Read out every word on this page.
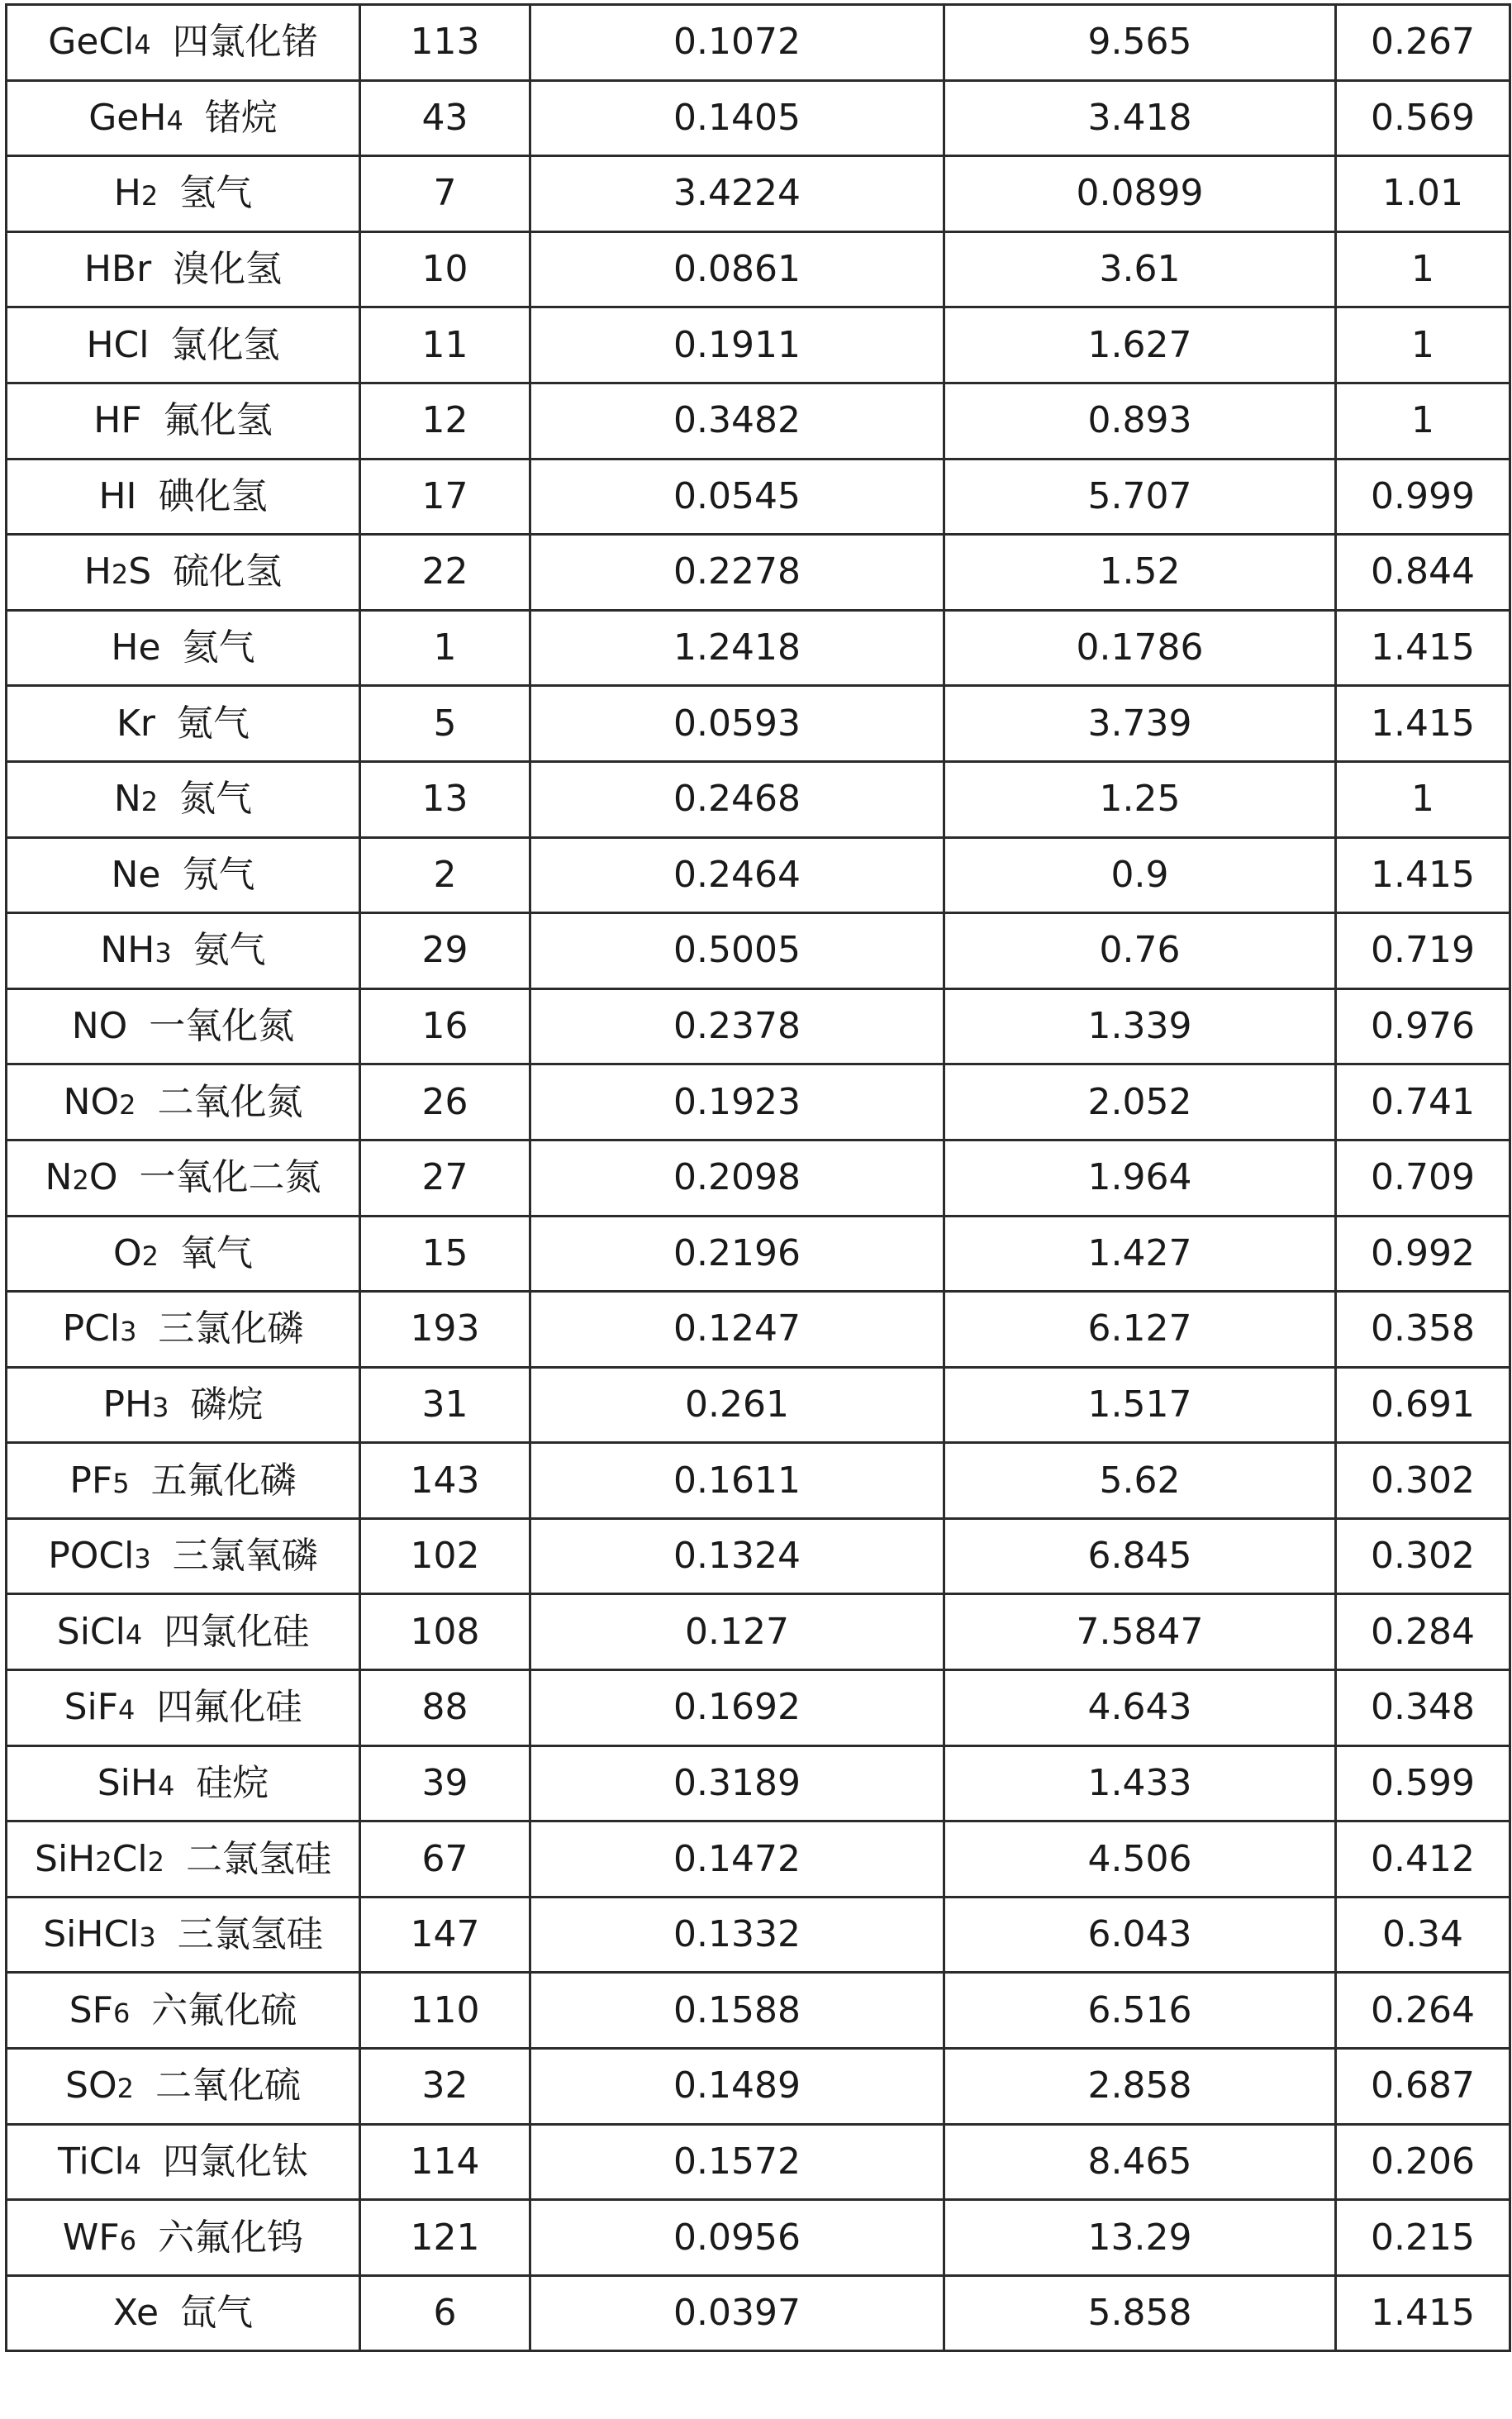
GeCl4 四氯化锗	113	0.1072	9.565	0.267
GeH4 锗烷	43	0.1405	3.418	0.569
H2 氢气	7	3.4224	0.0899	1.01
HBr 溴化氢	10	0.0861	3.61	1
HCl 氯化氢	11	0.1911	1.627	1
HF 氟化氢	12	0.3482	0.893	1
HI 碘化氢	17	0.0545	5.707	0.999
H2S 硫化氢	22	0.2278	1.52	0.844
He 氦气	1	1.2418	0.1786	1.415
Kr 氪气	5	0.0593	3.739	1.415
N2 氮气	13	0.2468	1.25	1
Ne 氖气	2	0.2464	0.9	1.415
NH3 氨气	29	0.5005	0.76	0.719
NO 一氧化氮	16	0.2378	1.339	0.976
NO2 二氧化氮	26	0.1923	2.052	0.741
N2O 一氧化二氮	27	0.2098	1.964	0.709
O2 氧气	15	0.2196	1.427	0.992
PCl3 三氯化磷	193	0.1247	6.127	0.358
PH3 磷烷	31	0.261	1.517	0.691
PF5 五氟化磷	143	0.1611	5.62	0.302
POCl3 三氯氧磷	102	0.1324	6.845	0.302
SiCl4 四氯化硅	108	0.127	7.5847	0.284
SiF4 四氟化硅	88	0.1692	4.643	0.348
SiH4 硅烷	39	0.3189	1.433	0.599
SiH2Cl2 二氯氢硅	67	0.1472	4.506	0.412
SiHCl3 三氯氢硅	147	0.1332	6.043	0.34
SF6 六氟化硫	110	0.1588	6.516	0.264
SO2 二氧化硫	32	0.1489	2.858	0.687
TiCl4 四氯化钛	114	0.1572	8.465	0.206
WF6 六氟化钨	121	0.0956	13.29	0.215
Xe 氙气	6	0.0397	5.858	1.415
